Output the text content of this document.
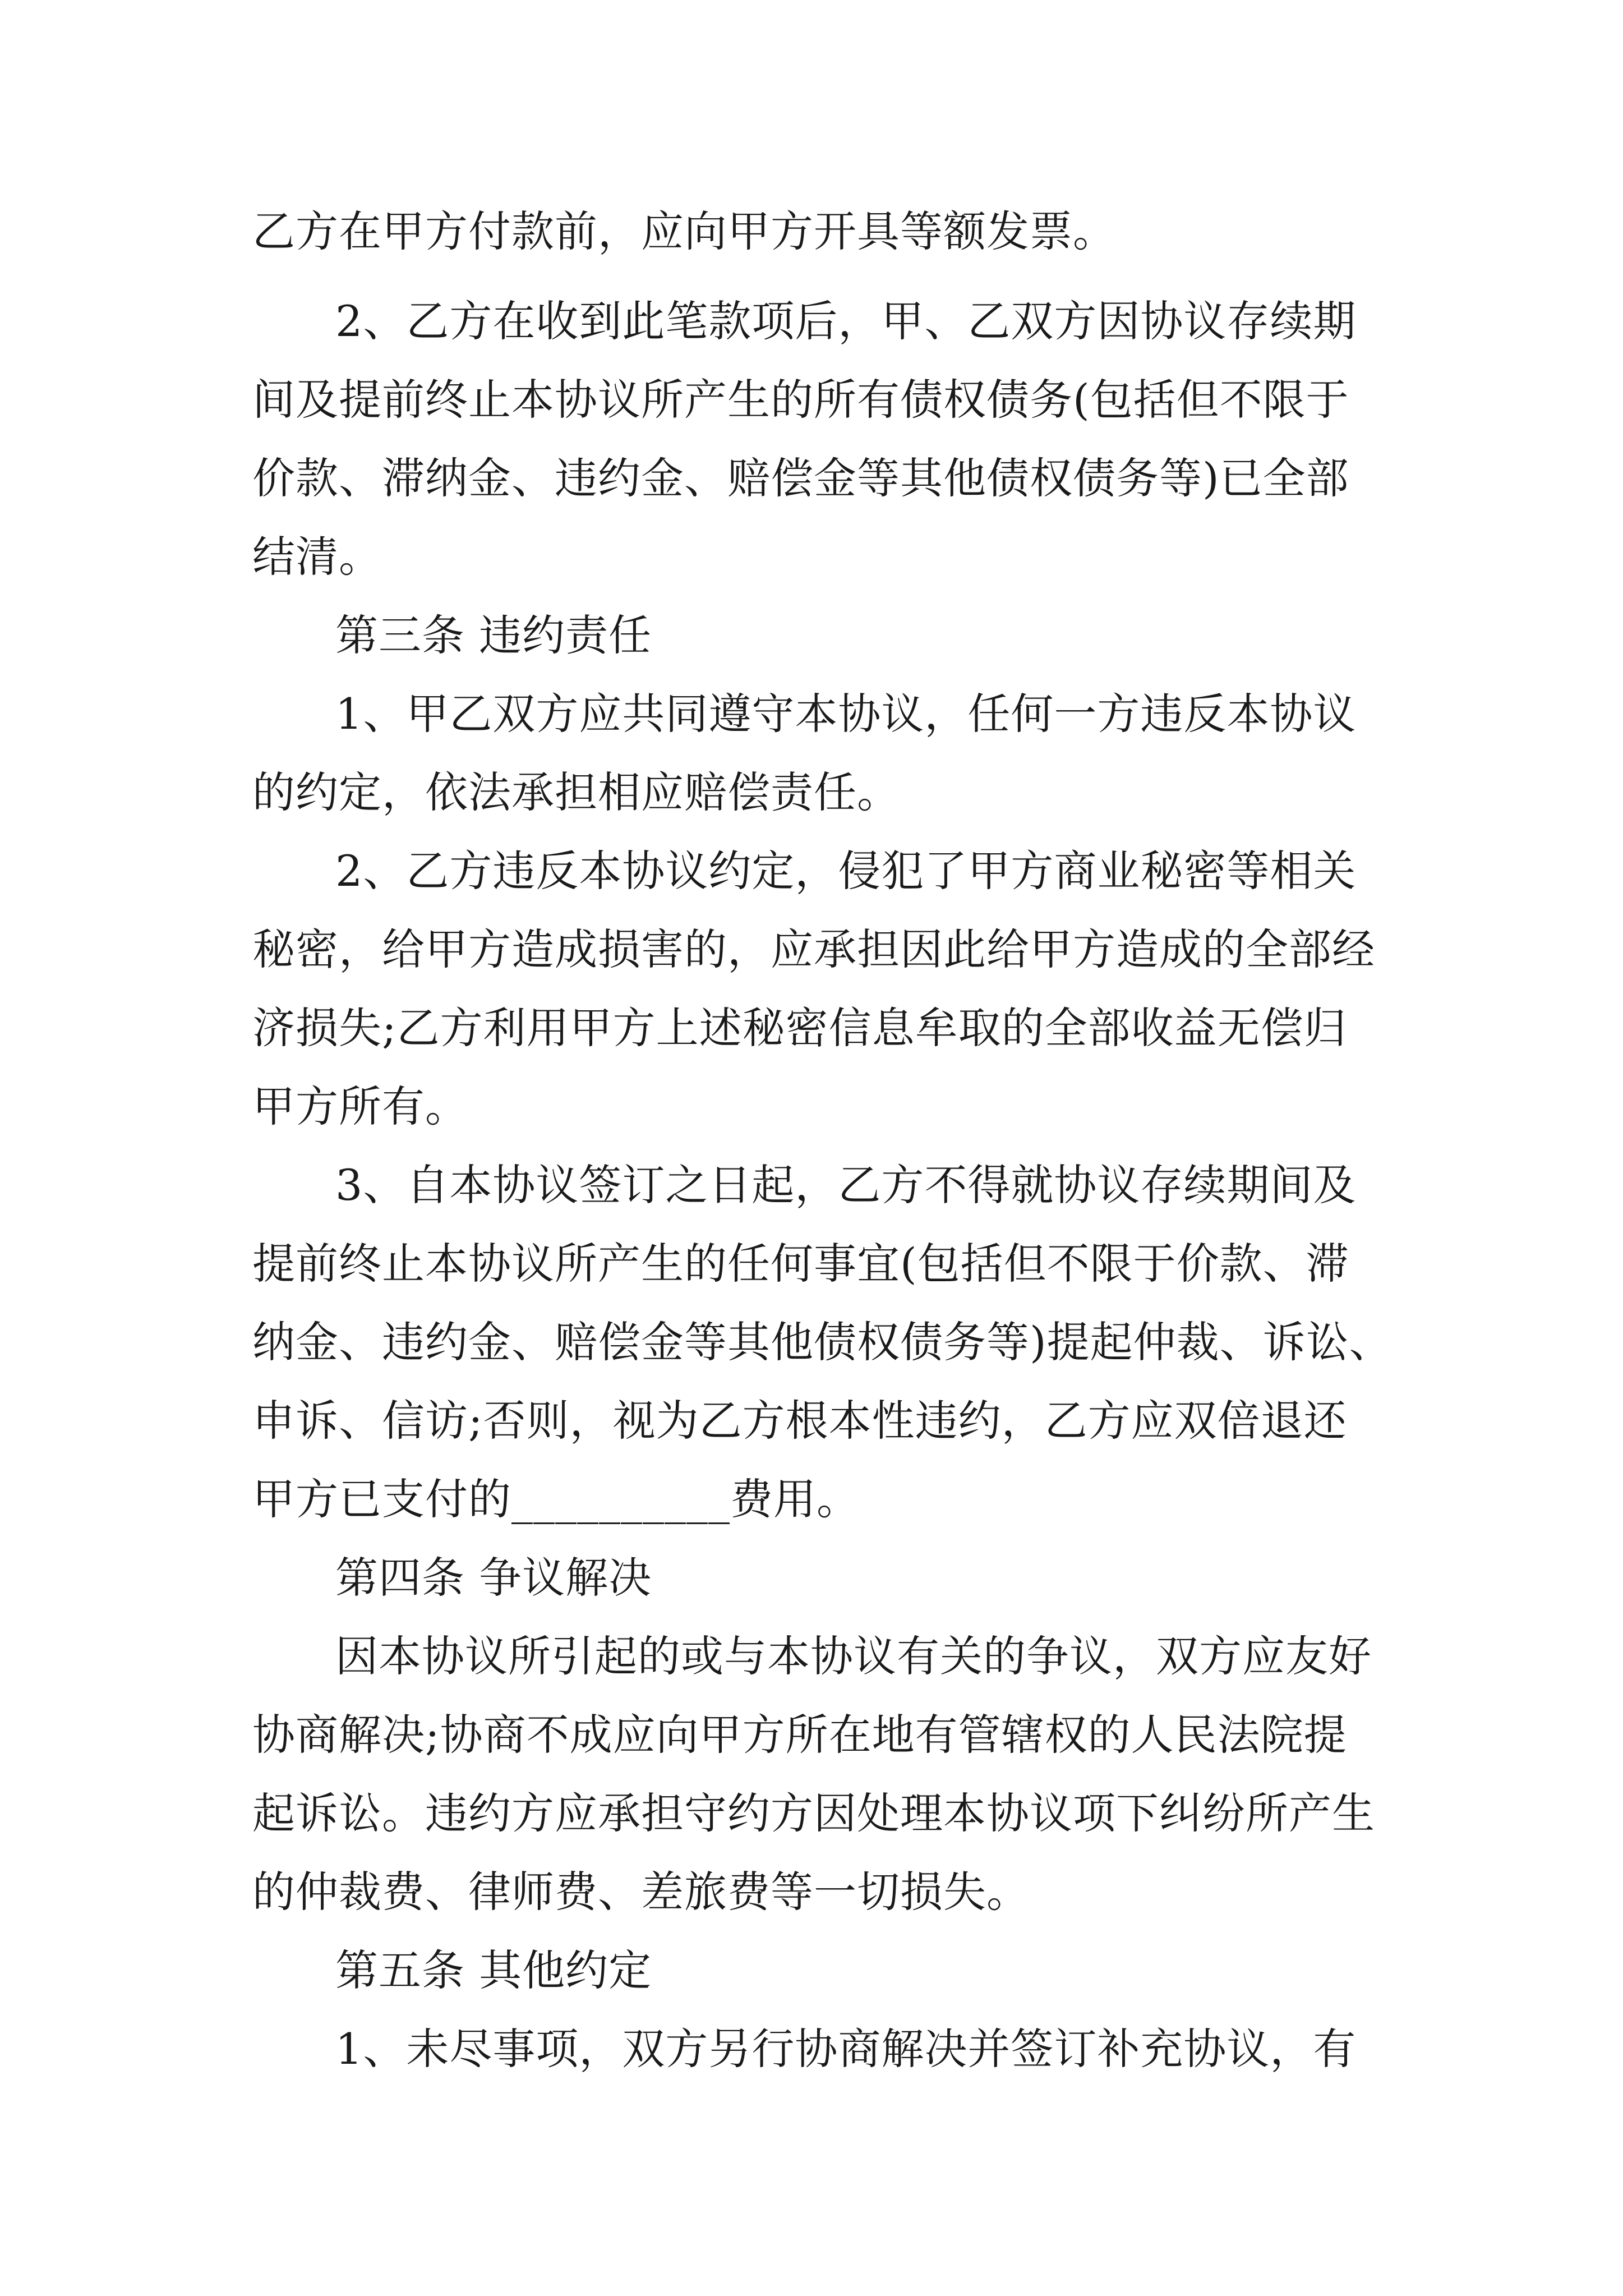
乙方在甲方付款前，应向甲方开具等额发票。
2、乙方在收到此笔款项后，甲、乙双方因协议存续期
间及提前终止本协议所产生的所有债权债务(包括但不限于
价款、滞纳金、违约金、赔偿金等其他债权债务等)已全部
结清。
第三条 违约责任
1、甲乙双方应共同遵守本协议，任何一方违反本协议
的约定，依法承担相应赔偿责任。
2、乙方违反本协议约定，侵犯了甲方商业秘密等相关
秘密，给甲方造成损害的，应承担因此给甲方造成的全部经
济损失;乙方利用甲方上述秘密信息牟取的全部收益无偿归
甲方所有。
3、自本协议签订之日起，乙方不得就协议存续期间及
提前终止本协议所产生的任何事宜(包括但不限于价款、滞
纳金、违约金、赔偿金等其他债权债务等)提起仲裁、诉讼、
申诉、信访;否则，视为乙方根本性违约，乙方应双倍退还
甲方已支付的__________费用。
第四条 争议解决
因本协议所引起的或与本协议有关的争议，双方应友好
协商解决;协商不成应向甲方所在地有管辖权的人民法院提
起诉讼。违约方应承担守约方因处理本协议项下纠纷所产生
的仲裁费、律师费、差旅费等一切损失。
第五条 其他约定
1、未尽事项，双方另行协商解决并签订补充协议，有
